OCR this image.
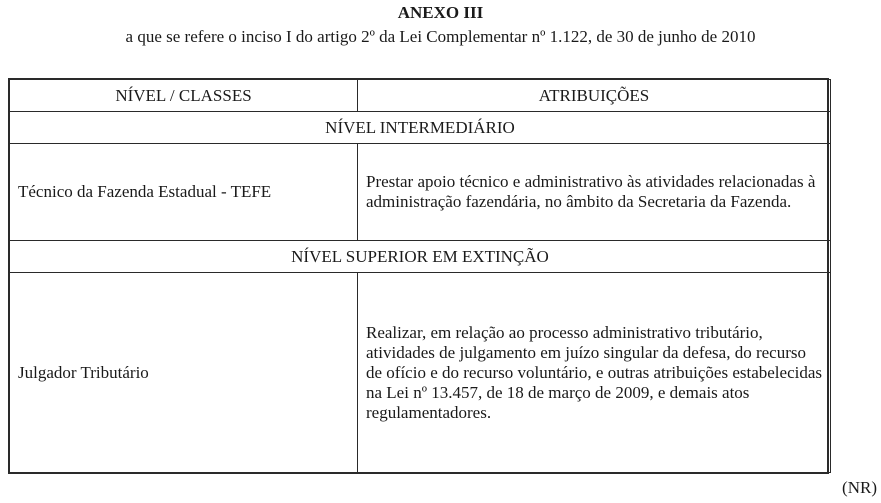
ANEXO III
a que se refere o inciso I do artigo 2º da Lei Complementar nº 1.122, de 30 de junho de 2010
NÍVEL / CLASSES	ATRIBUIÇÕES
NÍVEL INTERMEDIÁRIO	
Técnico da Fazenda Estadual - TEFE	Prestar apoio técnico e administrativo às atividades relacionadas à administração fazendária, no âmbito da Secretaria da Fazenda.
NÍVEL SUPERIOR EM EXTINÇÃO	
Julgador Tributário	Realizar, em relação ao processo administrativo tributário, atividades de julgamento em juízo singular da defesa, do recurso de ofício e do recurso voluntário, e outras atribuições estabelecidas na Lei nº 13.457, de 18 de março de 2009, e demais atos regulamentadores.
(NR)
